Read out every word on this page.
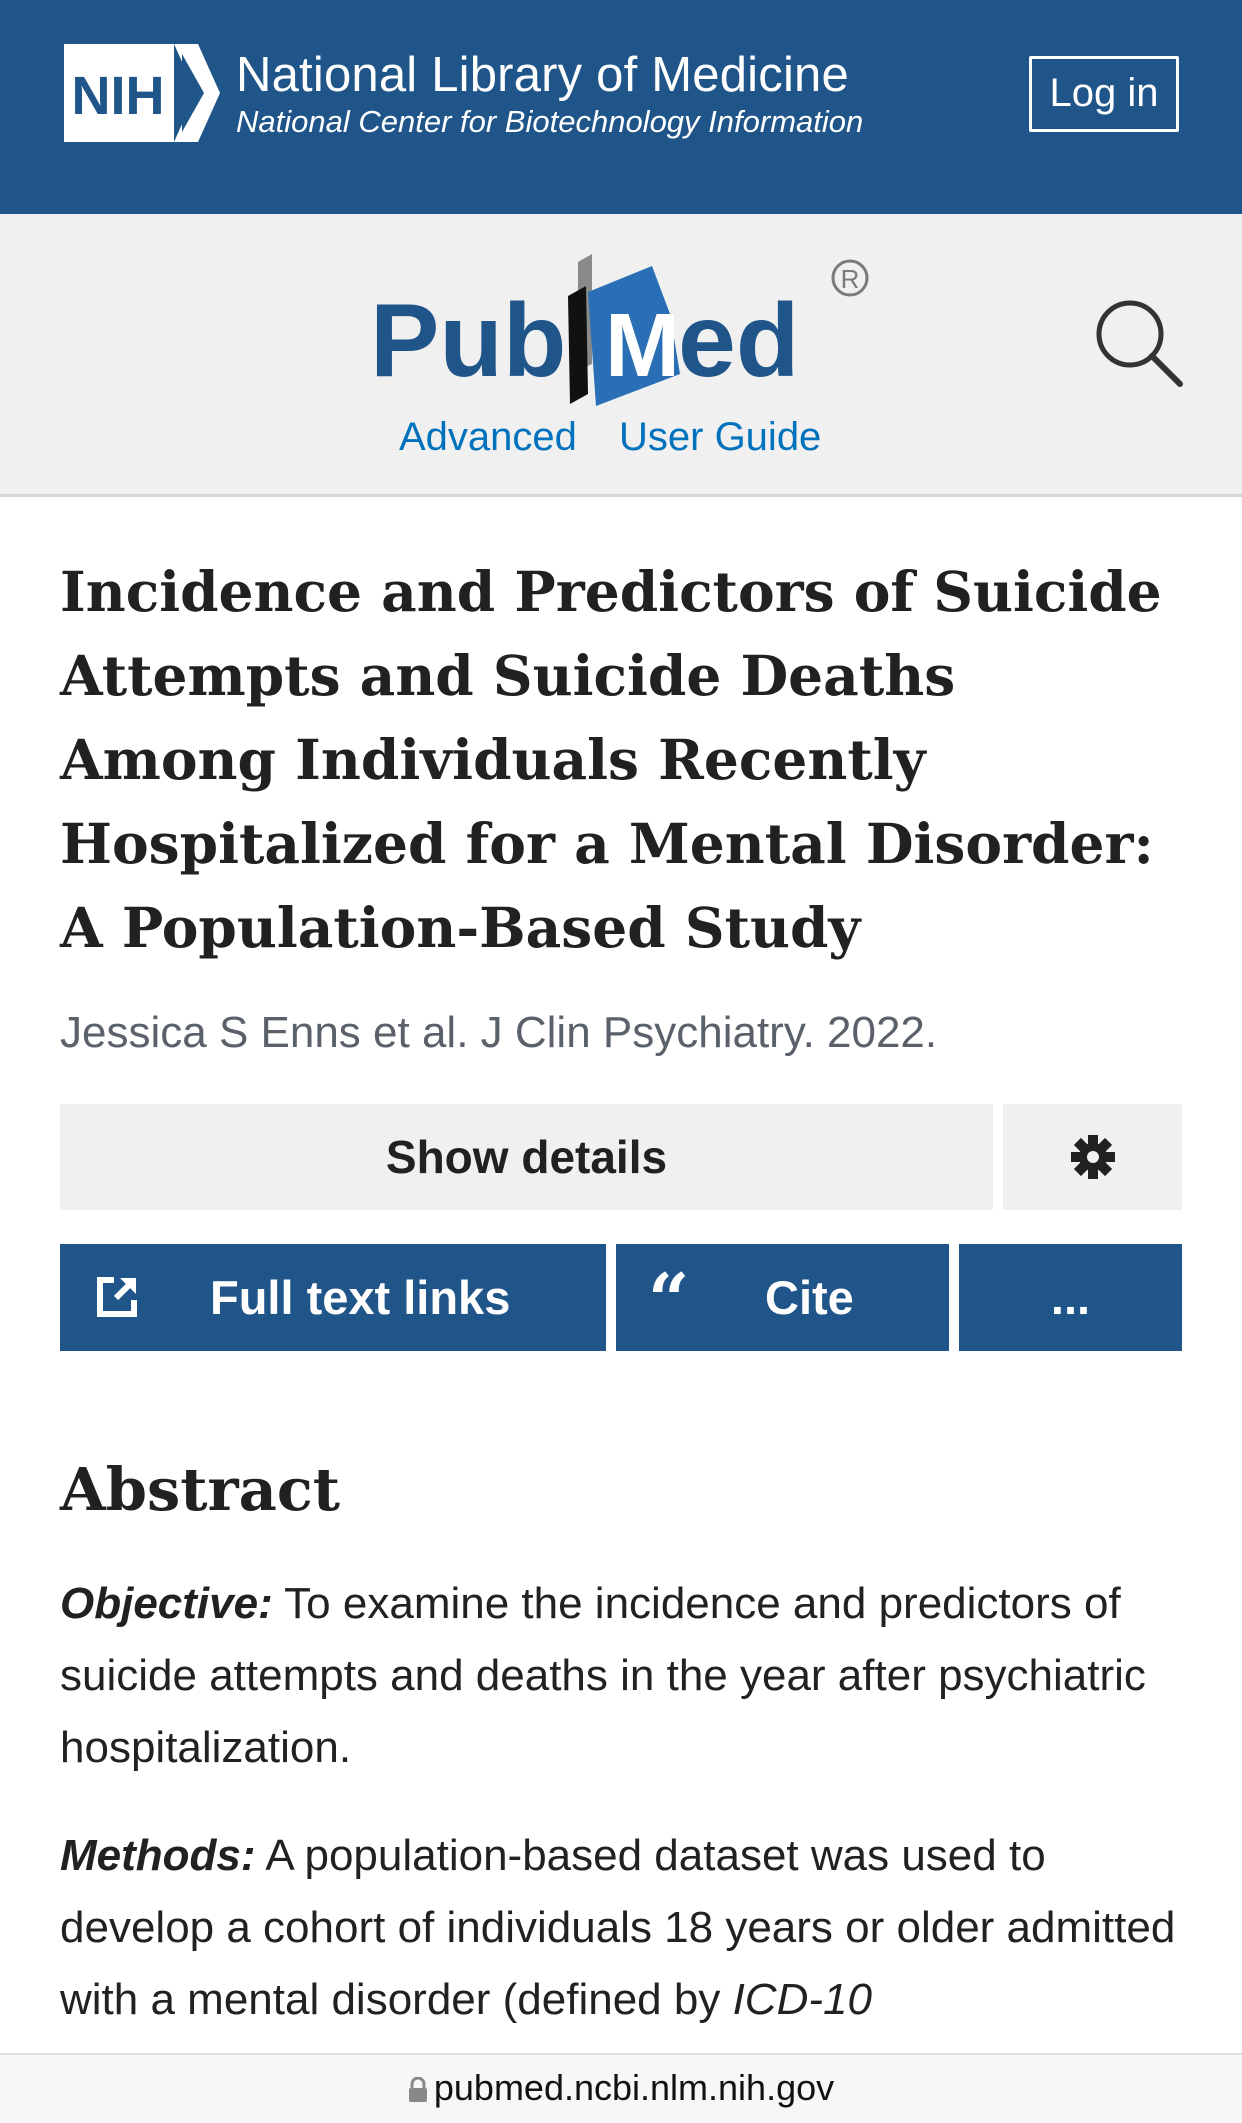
NIH National Library of Medicine
National Center for Biotechnology Information
Log in
Pub M
ed
R
Advanced User Guide
Incidence and Predictors of Suicide Attempts and Suicide Deaths Among Individuals Recently Hospitalized for a Mental Disorder: A Population-Based Study
Jessica S Enns et al. J Clin Psychiatry. 2022.
Show details
Full text links “ Cite	...
Abstract

Objective: To examine the incidence and predictors of suicide attempts and deaths in the year after psychiatric hospitalization.

Methods: A population-based dataset was used to develop a cohort of individuals 18 years or older admitted with a mental disorder (defined by ICD-10

pubmed.ncbi.nlm.nih.gov
